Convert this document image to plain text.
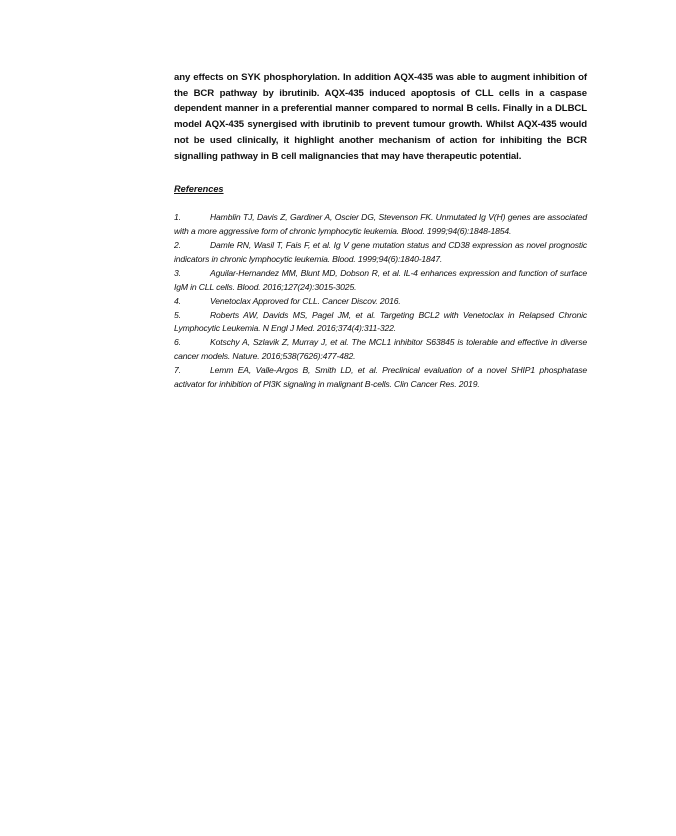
any effects on SYK phosphorylation. In addition AQX-435 was able to augment inhibition of the BCR pathway by ibrutinib. AQX-435 induced apoptosis of CLL cells in a caspase dependent manner in a preferential manner compared to normal B cells. Finally in a DLBCL model AQX-435 synergised with ibrutinib to prevent tumour growth. Whilst AQX-435 would not be used clinically, it highlight another mechanism of action for inhibiting the BCR signalling pathway in B cell malignancies that may have therapeutic potential.

References

1.	Hamblin TJ, Davis Z, Gardiner A, Oscier DG, Stevenson FK. Unmutated Ig V(H) genes are associated with a more aggressive form of chronic lymphocytic leukemia. Blood. 1999;94(6):1848-1854.
2.	Damle RN, Wasil T, Fais F, et al. Ig V gene mutation status and CD38 expression as novel prognostic indicators in chronic lymphocytic leukemia. Blood. 1999;94(6):1840-1847.
3.	Aguilar-Hernandez MM, Blunt MD, Dobson R, et al. IL-4 enhances expression and function of surface IgM in CLL cells. Blood. 2016;127(24):3015-3025.
4.	Venetoclax Approved for CLL. Cancer Discov. 2016.
5.	Roberts AW, Davids MS, Pagel JM, et al. Targeting BCL2 with Venetoclax in Relapsed Chronic Lymphocytic Leukemia. N Engl J Med. 2016;374(4):311-322.
6.	Kotschy A, Szlavik Z, Murray J, et al. The MCL1 inhibitor S63845 is tolerable and effective in diverse cancer models. Nature. 2016;538(7626):477-482.
7.	Lemm EA, Valle-Argos B, Smith LD, et al. Preclinical evaluation of a novel SHIP1 phosphatase activator for inhibition of PI3K signaling in malignant B-cells. Clin Cancer Res. 2019.
